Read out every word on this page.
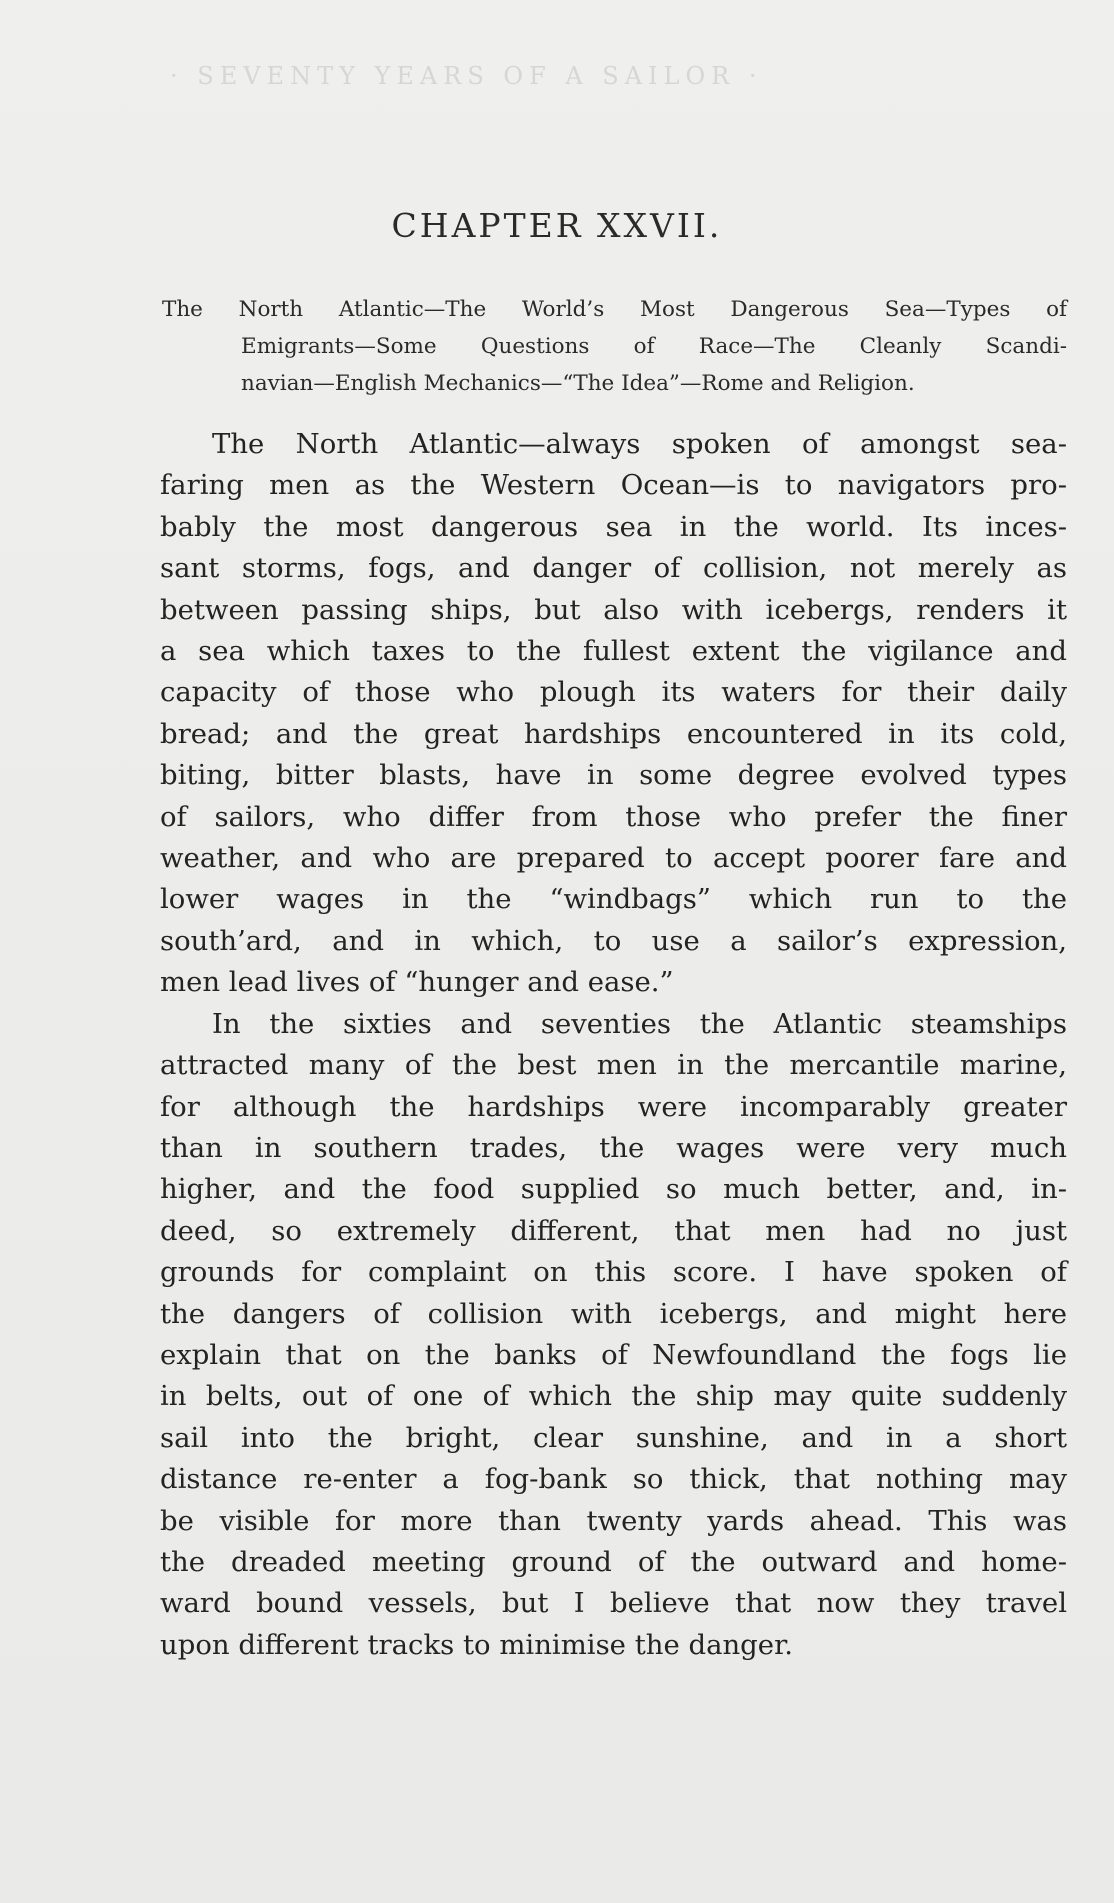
· SEVENTY YEARS OF A SAILOR ·
CHAPTER XXVII.
The North Atlantic—The World’s Most Dangerous Sea—Types of
Emigrants—Some Questions of Race—The Cleanly Scandi-
navian—English Mechanics—“The Idea”—Rome and Religion.
The North Atlantic—always spoken of amongst sea-
faring men as the Western Ocean—is to navigators pro-
bably the most dangerous sea in the world. Its inces-
sant storms, fogs, and danger of collision, not merely as
between passing ships, but also with icebergs, renders it
a sea which taxes to the fullest extent the vigilance and
capacity of those who plough its waters for their daily
bread; and the great hardships encountered in its cold,
biting, bitter blasts, have in some degree evolved types
of sailors, who differ from those who prefer the finer
weather, and who are prepared to accept poorer fare and
lower wages in the “windbags” which run to the
south’ard, and in which, to use a sailor’s expression,
men lead lives of “hunger and ease.”
In the sixties and seventies the Atlantic steamships
attracted many of the best men in the mercantile marine,
for although the hardships were incomparably greater
than in southern trades, the wages were very much
higher, and the food supplied so much better, and, in-
deed, so extremely different, that men had no just
grounds for complaint on this score. I have spoken of
the dangers of collision with icebergs, and might here
explain that on the banks of Newfoundland the fogs lie
in belts, out of one of which the ship may quite suddenly
sail into the bright, clear sunshine, and in a short
distance re-enter a fog-bank so thick, that nothing may
be visible for more than twenty yards ahead. This was
the dreaded meeting ground of the outward and home-
ward bound vessels, but I believe that now they travel
upon different tracks to minimise the danger.
